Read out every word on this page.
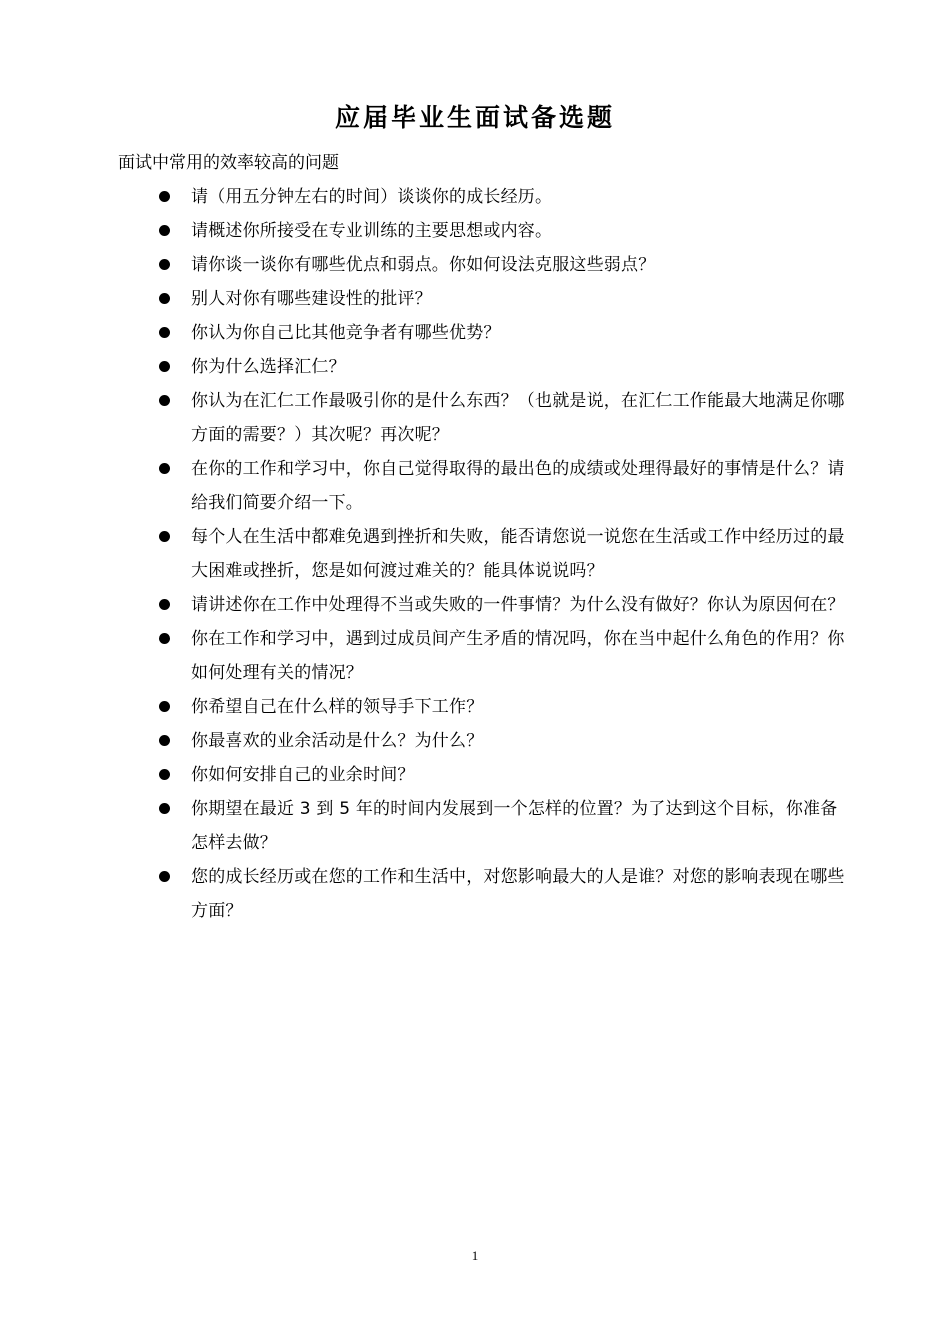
应届毕业生面试备选题
面试中常用的效率较高的问题
请（用五分钟左右的时间）谈谈你的成长经历。
请概述你所接受在专业训练的主要思想或内容。
请你谈一谈你有哪些优点和弱点。你如何设法克服这些弱点？
别人对你有哪些建设性的批评？
你认为你自己比其他竞争者有哪些优势？
你为什么选择汇仁？
你认为在汇仁工作最吸引你的是什么东西？（也就是说，在汇仁工作能最大地满足你哪方面的需要？）其次呢？再次呢？
在你的工作和学习中，你自己觉得取得的最出色的成绩或处理得最好的事情是什么？请给我们简要介绍一下。
每个人在生活中都难免遇到挫折和失败，能否请您说一说您在生活或工作中经历过的最大困难或挫折，您是如何渡过难关的？能具体说说吗？
请讲述你在工作中处理得不当或失败的一件事情？为什么没有做好？你认为原因何在？
你在工作和学习中，遇到过成员间产生矛盾的情况吗，你在当中起什么角色的作用？你如何处理有关的情况？
你希望自己在什么样的领导手下工作？
你最喜欢的业余活动是什么？为什么？
你如何安排自己的业余时间？
你期望在最近 3 到 5 年的时间内发展到一个怎样的位置？为了达到这个目标，你准备怎样去做？
您的成长经历或在您的工作和生活中，对您影响最大的人是谁？对您的影响表现在哪些方面？
1
